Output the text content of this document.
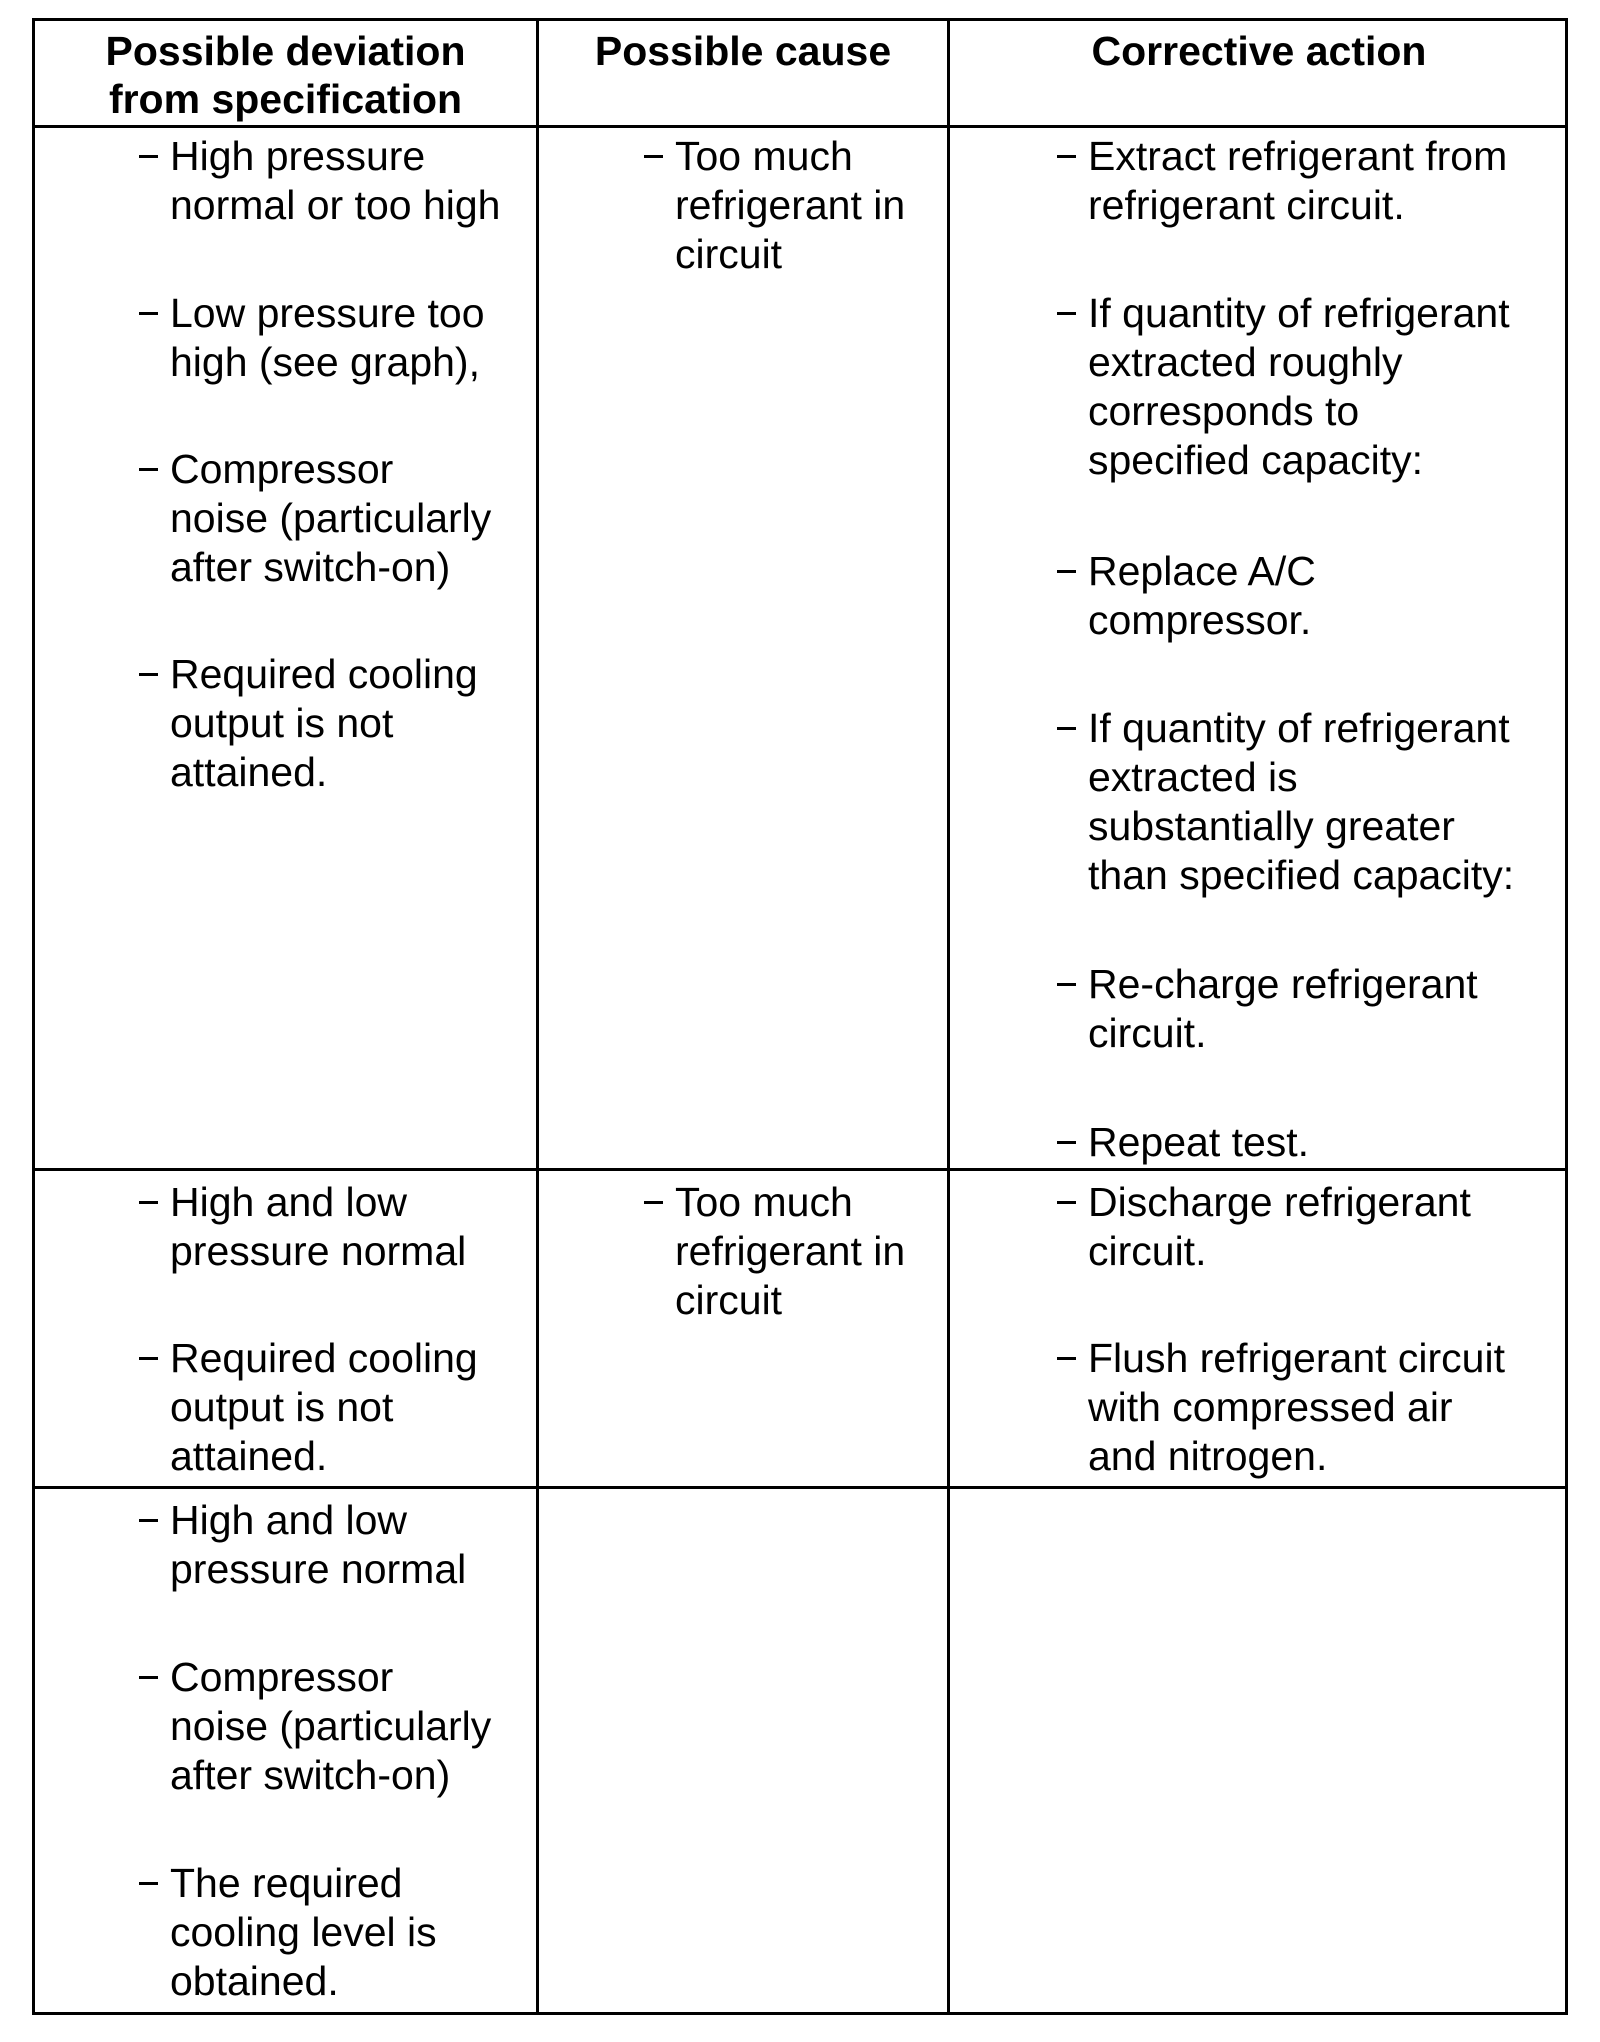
Possible deviation
from specification
Possible cause	Corrective action
High pressure
normal or too high
Low pressure too
high (see graph),
Compressor
noise (particularly
after switch-on)
Required cooling
output is not
attained.
Too much
refrigerant in
circuit
Extract refrigerant from
refrigerant circuit.
If quantity of refrigerant
extracted roughly
corresponds to
specified capacity:
Replace A/C
compressor.
If quantity of refrigerant
extracted is
substantially greater
than specified capacity:
Re-charge refrigerant
circuit.
Repeat test.
High and low
pressure normal
Required cooling
output is not
attained.
Too much
refrigerant in
circuit
Discharge refrigerant
circuit.
Flush refrigerant circuit
with compressed air
and nitrogen.
High and low
pressure normal
Compressor
noise (particularly
after switch-on)
The required
cooling level is
obtained.
